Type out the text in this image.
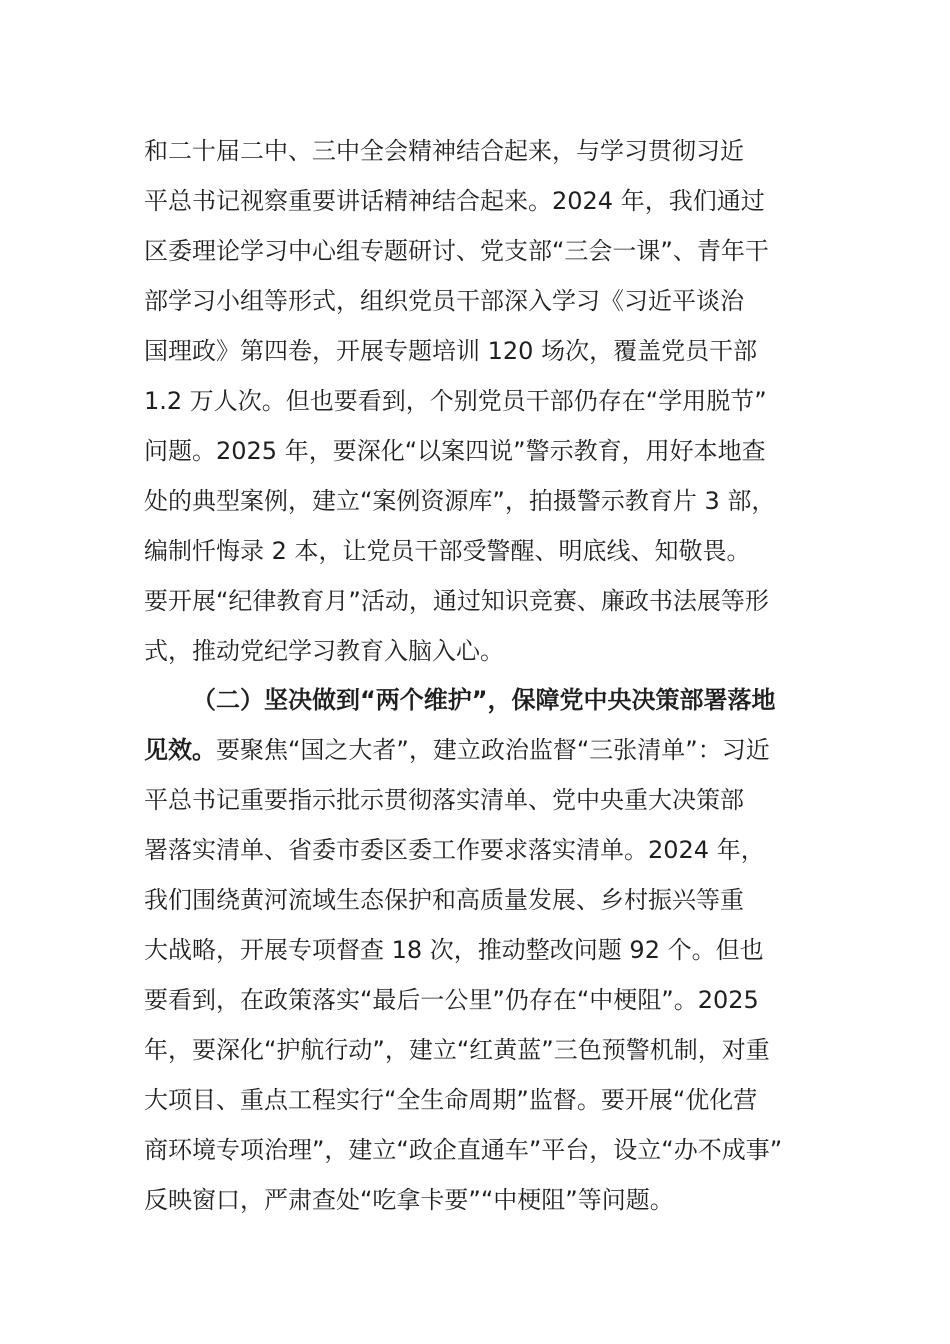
和二十届二中、三中全会精神结合起来，与学习贯彻习近
平总书记视察重要讲话精神结合起来。2024 年，我们通过
区委理论学习中心组专题研讨、党支部“三会一课”、青年干
部学习小组等形式，组织党员干部深入学习《习近平谈治
国理政》第四卷，开展专题培训 120 场次，覆盖党员干部
1.2 万人次。但也要看到，个别党员干部仍存在“学用脱节”
问题。2025 年，要深化“以案四说”警示教育，用好本地查
处的典型案例，建立“案例资源库”，拍摄警示教育片 3 部，
编制忏悔录 2 本，让党员干部受警醒、明底线、知敬畏。
要开展“纪律教育月”活动，通过知识竞赛、廉政书法展等形
式，推动党纪学习教育入脑入心。
（二）坚决做到“两个维护”，保障党中央决策部署落地
见效。要聚焦“国之大者”，建立政治监督“三张清单”：习近
平总书记重要指示批示贯彻落实清单、党中央重大决策部
署落实清单、省委市委区委工作要求落实清单。2024 年，
我们围绕黄河流域生态保护和高质量发展、乡村振兴等重
大战略，开展专项督查 18 次，推动整改问题 92 个。但也
要看到，在政策落实“最后一公里”仍存在“中梗阻”。2025
年，要深化“护航行动”，建立“红黄蓝”三色预警机制，对重
大项目、重点工程实行“全生命周期”监督。要开展“优化营
商环境专项治理”，建立“政企直通车”平台，设立“办不成事”
反映窗口，严肃查处“吃拿卡要”“中梗阻”等问题。
